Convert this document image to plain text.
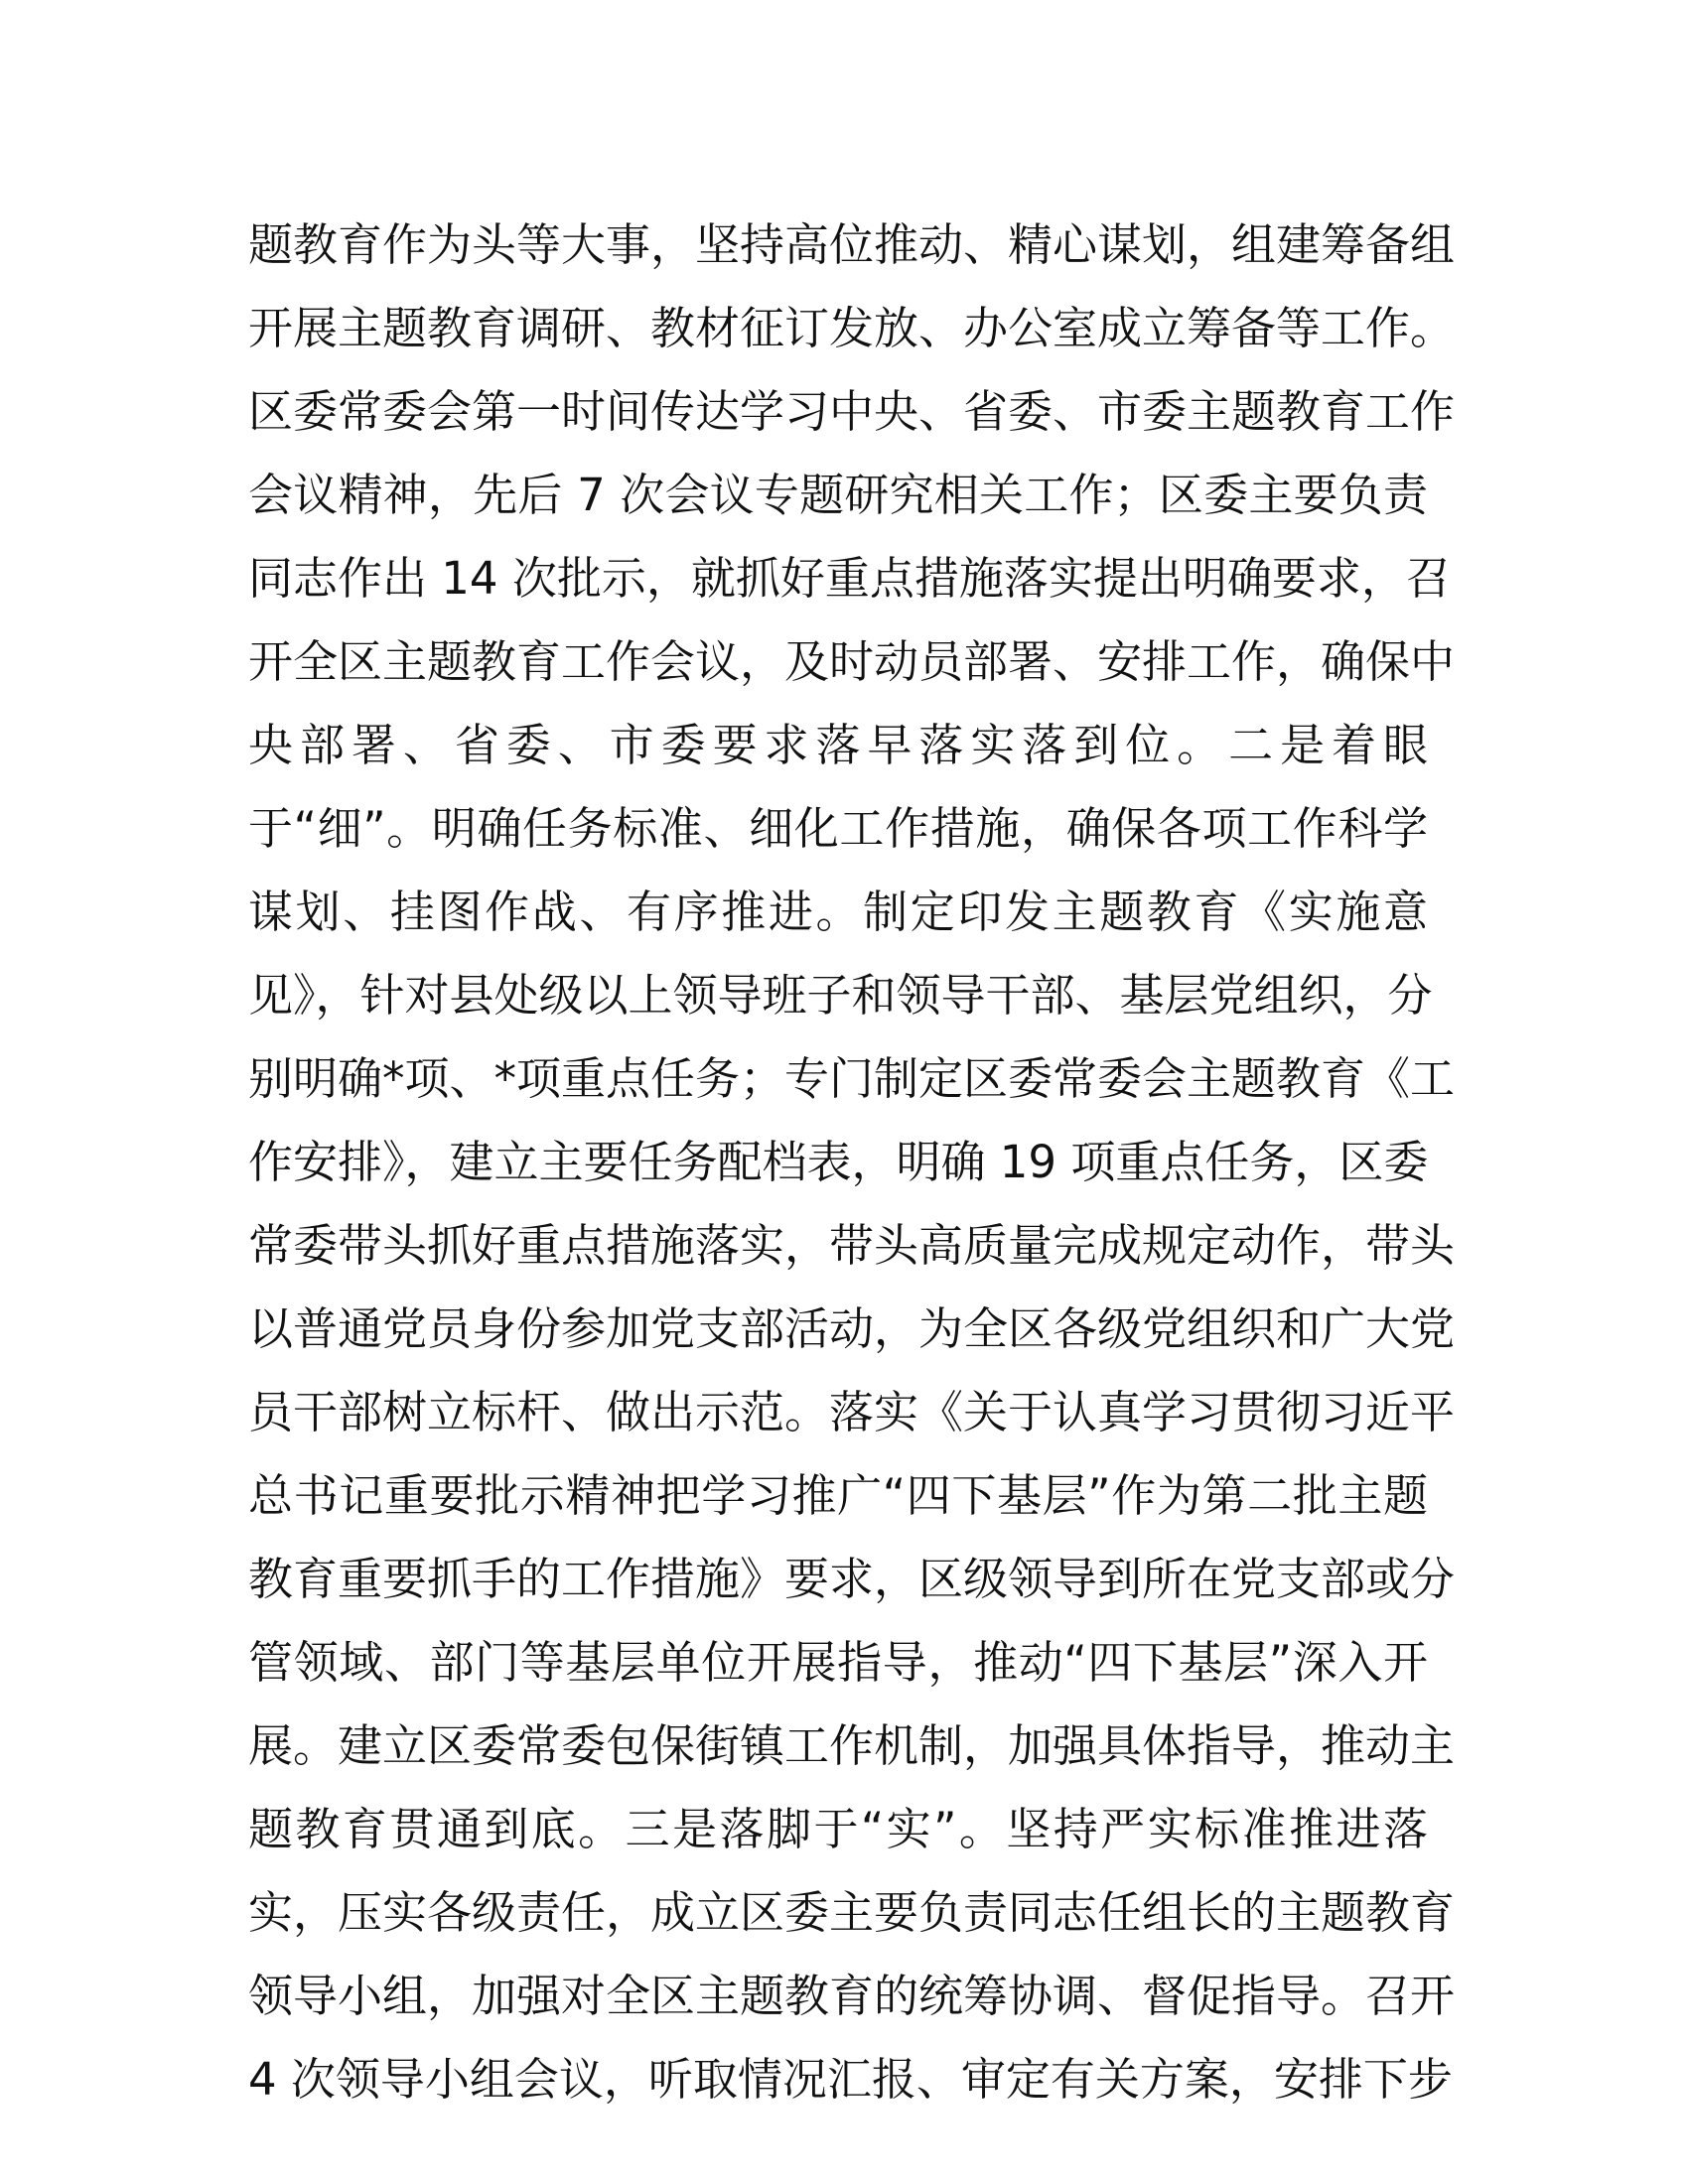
题教育作为头等大事，坚持高位推动、精心谋划，组建筹备组
开展主题教育调研、教材征订发放、办公室成立筹备等工作。
区委常委会第一时间传达学习中央、省委、市委主题教育工作
会议精神，先后 7 次会议专题研究相关工作；区委主要负责
同志作出 14 次批示，就抓好重点措施落实提出明确要求，召
开全区主题教育工作会议，及时动员部署、安排工作，确保中
央部署、省委、市委要求落早落实落到位。二是着眼
于“细”。明确任务标准、细化工作措施，确保各项工作科学
谋划、挂图作战、有序推进。制定印发主题教育《实施意
见》，针对县处级以上领导班子和领导干部、基层党组织，分
别明确*项、*项重点任务；专门制定区委常委会主题教育《工
作安排》，建立主要任务配档表，明确 19 项重点任务，区委
常委带头抓好重点措施落实，带头高质量完成规定动作，带头
以普通党员身份参加党支部活动，为全区各级党组织和广大党
员干部树立标杆、做出示范。落实《关于认真学习贯彻习近平
总书记重要批示精神把学习推广“四下基层”作为第二批主题
教育重要抓手的工作措施》要求，区级领导到所在党支部或分
管领域、部门等基层单位开展指导，推动“四下基层”深入开
展。建立区委常委包保街镇工作机制，加强具体指导，推动主
题教育贯通到底。三是落脚于“实”。坚持严实标准推进落
实，压实各级责任，成立区委主要负责同志任组长的主题教育
领导小组，加强对全区主题教育的统筹协调、督促指导。召开
4 次领导小组会议，听取情况汇报、审定有关方案，安排下步
